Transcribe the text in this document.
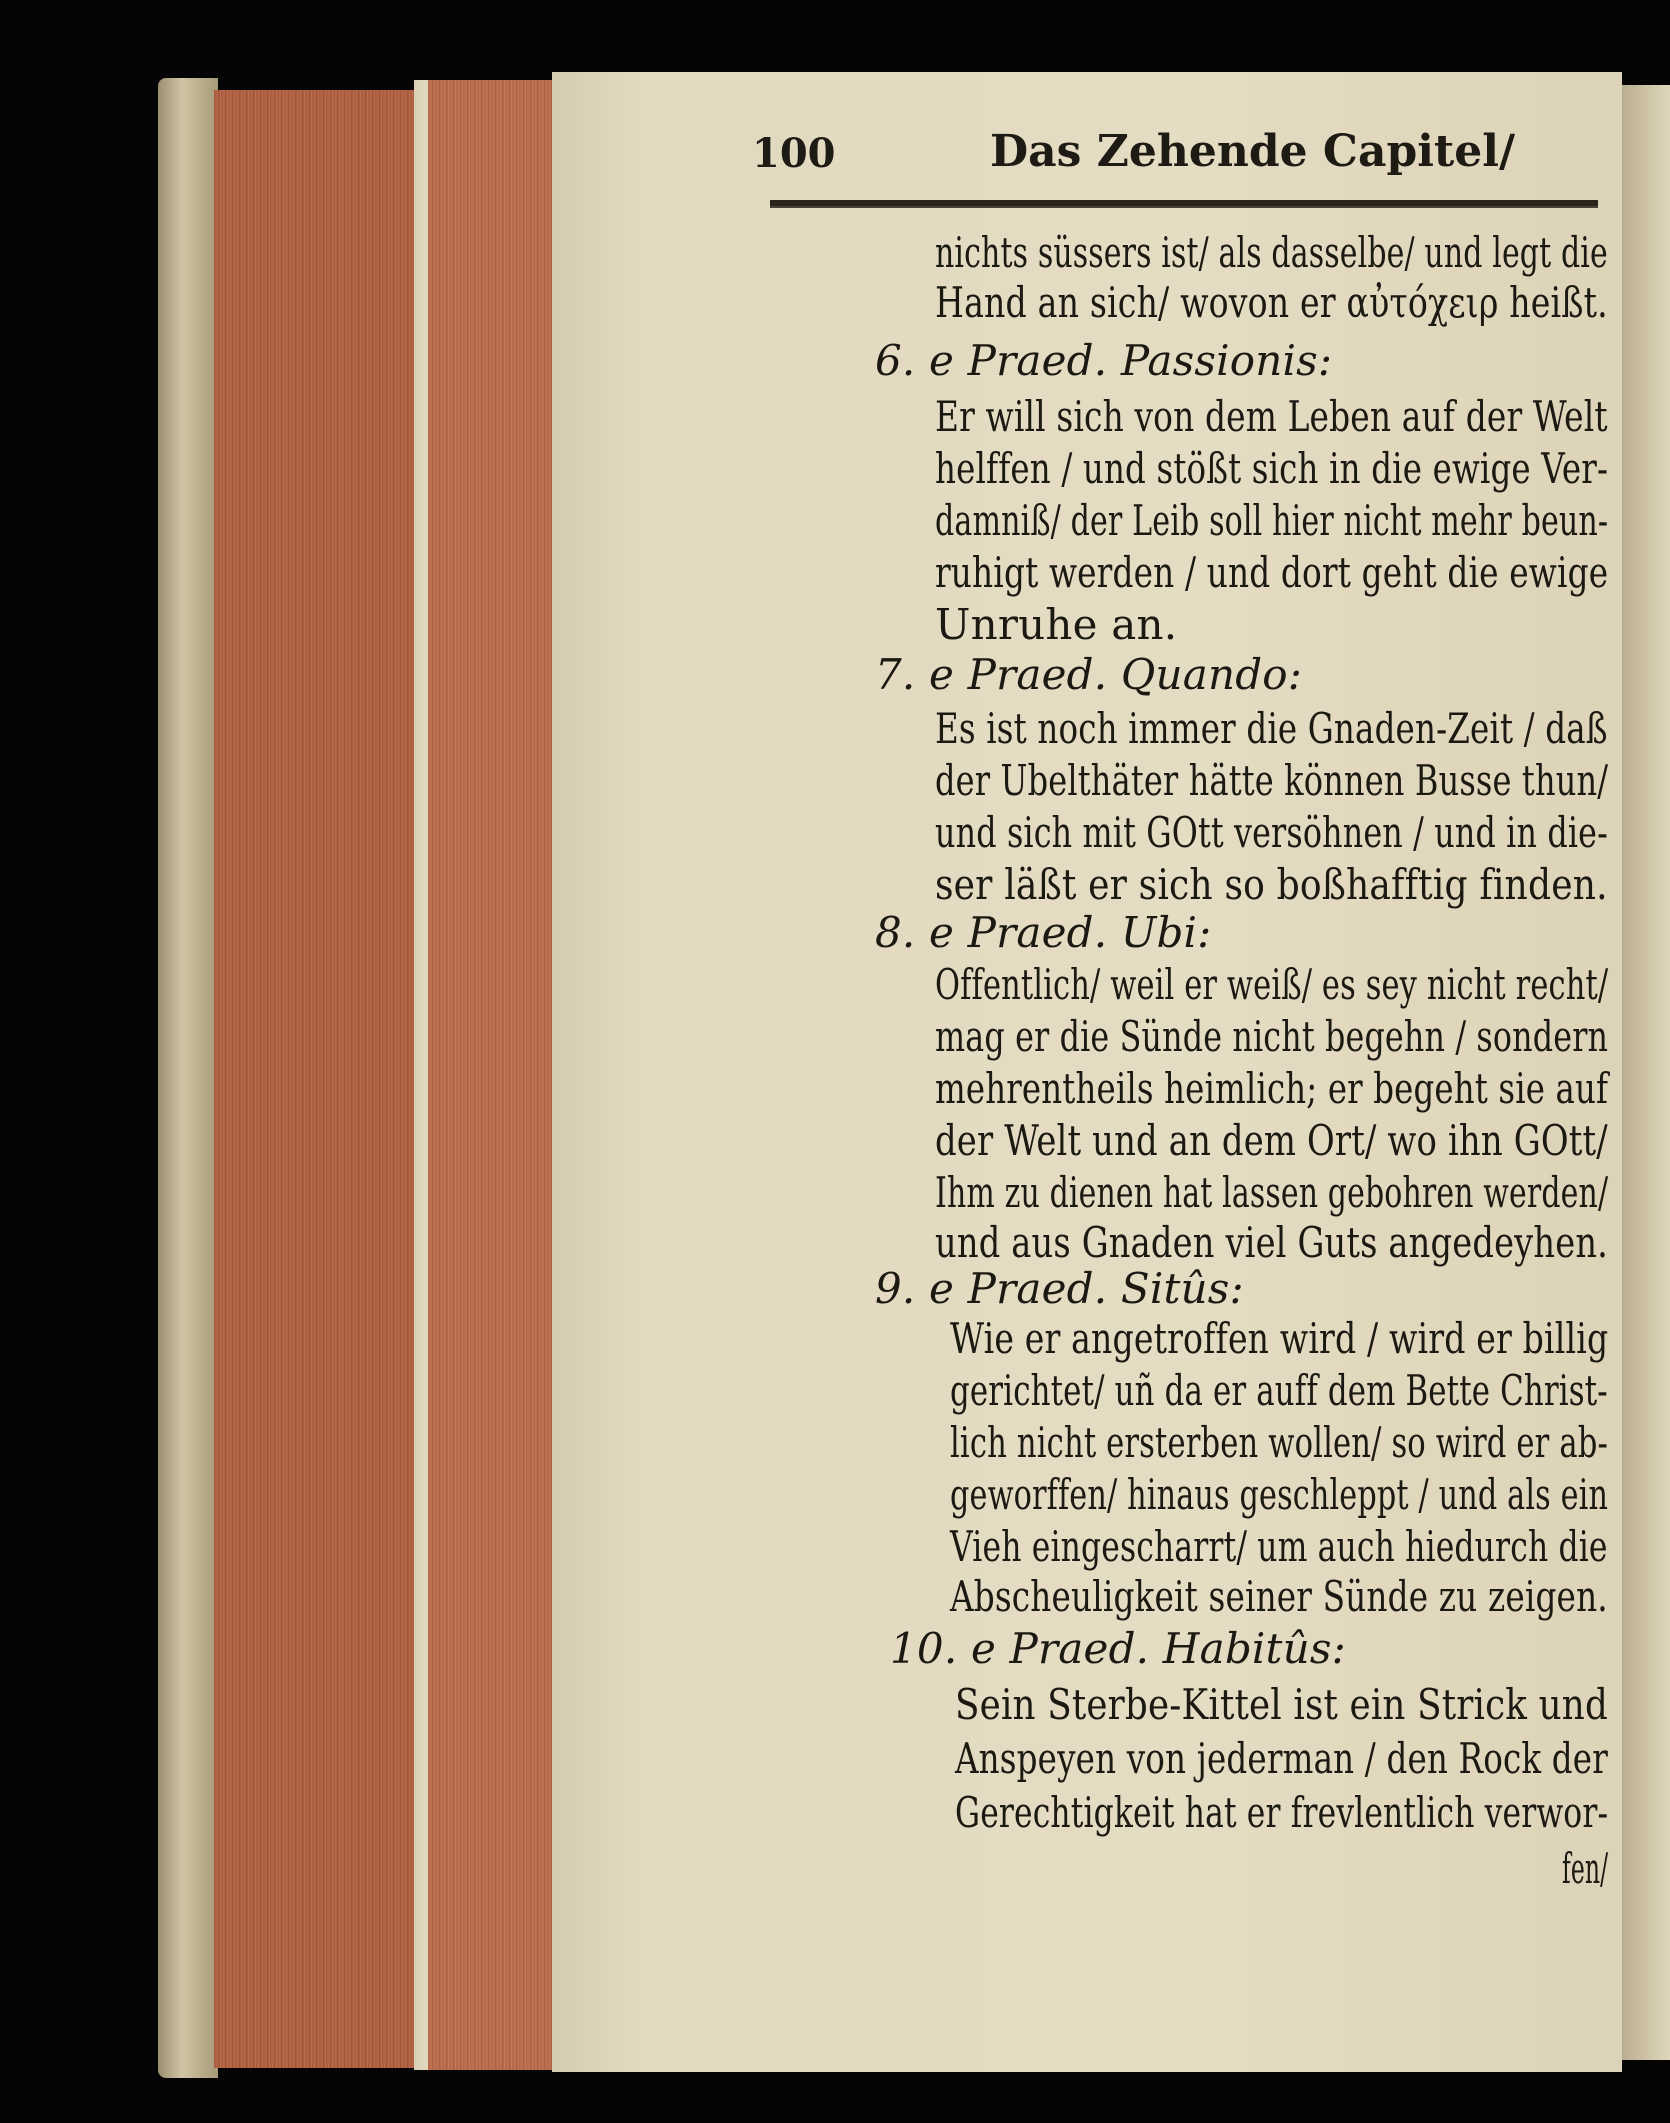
100	Das Zehende Capitel/
nichts süssers ist/ als dasselbe/ und legt die
Hand an sich/ wovon er αὐτόχειρ heißt.
6. e Praed. Passionis:
Er will sich von dem Leben auf der Welt
helffen / und stößt sich in die ewige Ver-
damniß/ der Leib soll hier nicht mehr beun-
ruhigt werden / und dort geht die ewige
Unruhe an.
7. e Praed. Quando:
Es ist noch immer die Gnaden-Zeit / daß
der Ubelthäter hätte können Busse thun/
und sich mit GOtt versöhnen / und in die-
ser läßt er sich so boßhafftig finden.
8. e Praed. Ubi:
Offentlich/ weil er weiß/ es sey nicht recht/
mag er die Sünde nicht begehn / sondern
mehrentheils heimlich; er begeht sie auf
der Welt und an dem Ort/ wo ihn GOtt/
Ihm zu dienen hat lassen gebohren werden/
und aus Gnaden viel Guts angedeyhen.
9. e Praed. Sitûs:
Wie er angetroffen wird / wird er billig
gerichtet/ uñ da er auff dem Bette Christ-
lich nicht ersterben wollen/ so wird er ab-
geworffen/ hinaus geschleppt / und als ein
Vieh eingescharrt/ um auch hiedurch die
Abscheuligkeit seiner Sünde zu zeigen.
10. e Praed. Habitûs:
Sein Sterbe-Kittel ist ein Strick und
Anspeyen von jederman / den Rock der
Gerechtigkeit hat er frevlentlich verwor-
fen/
